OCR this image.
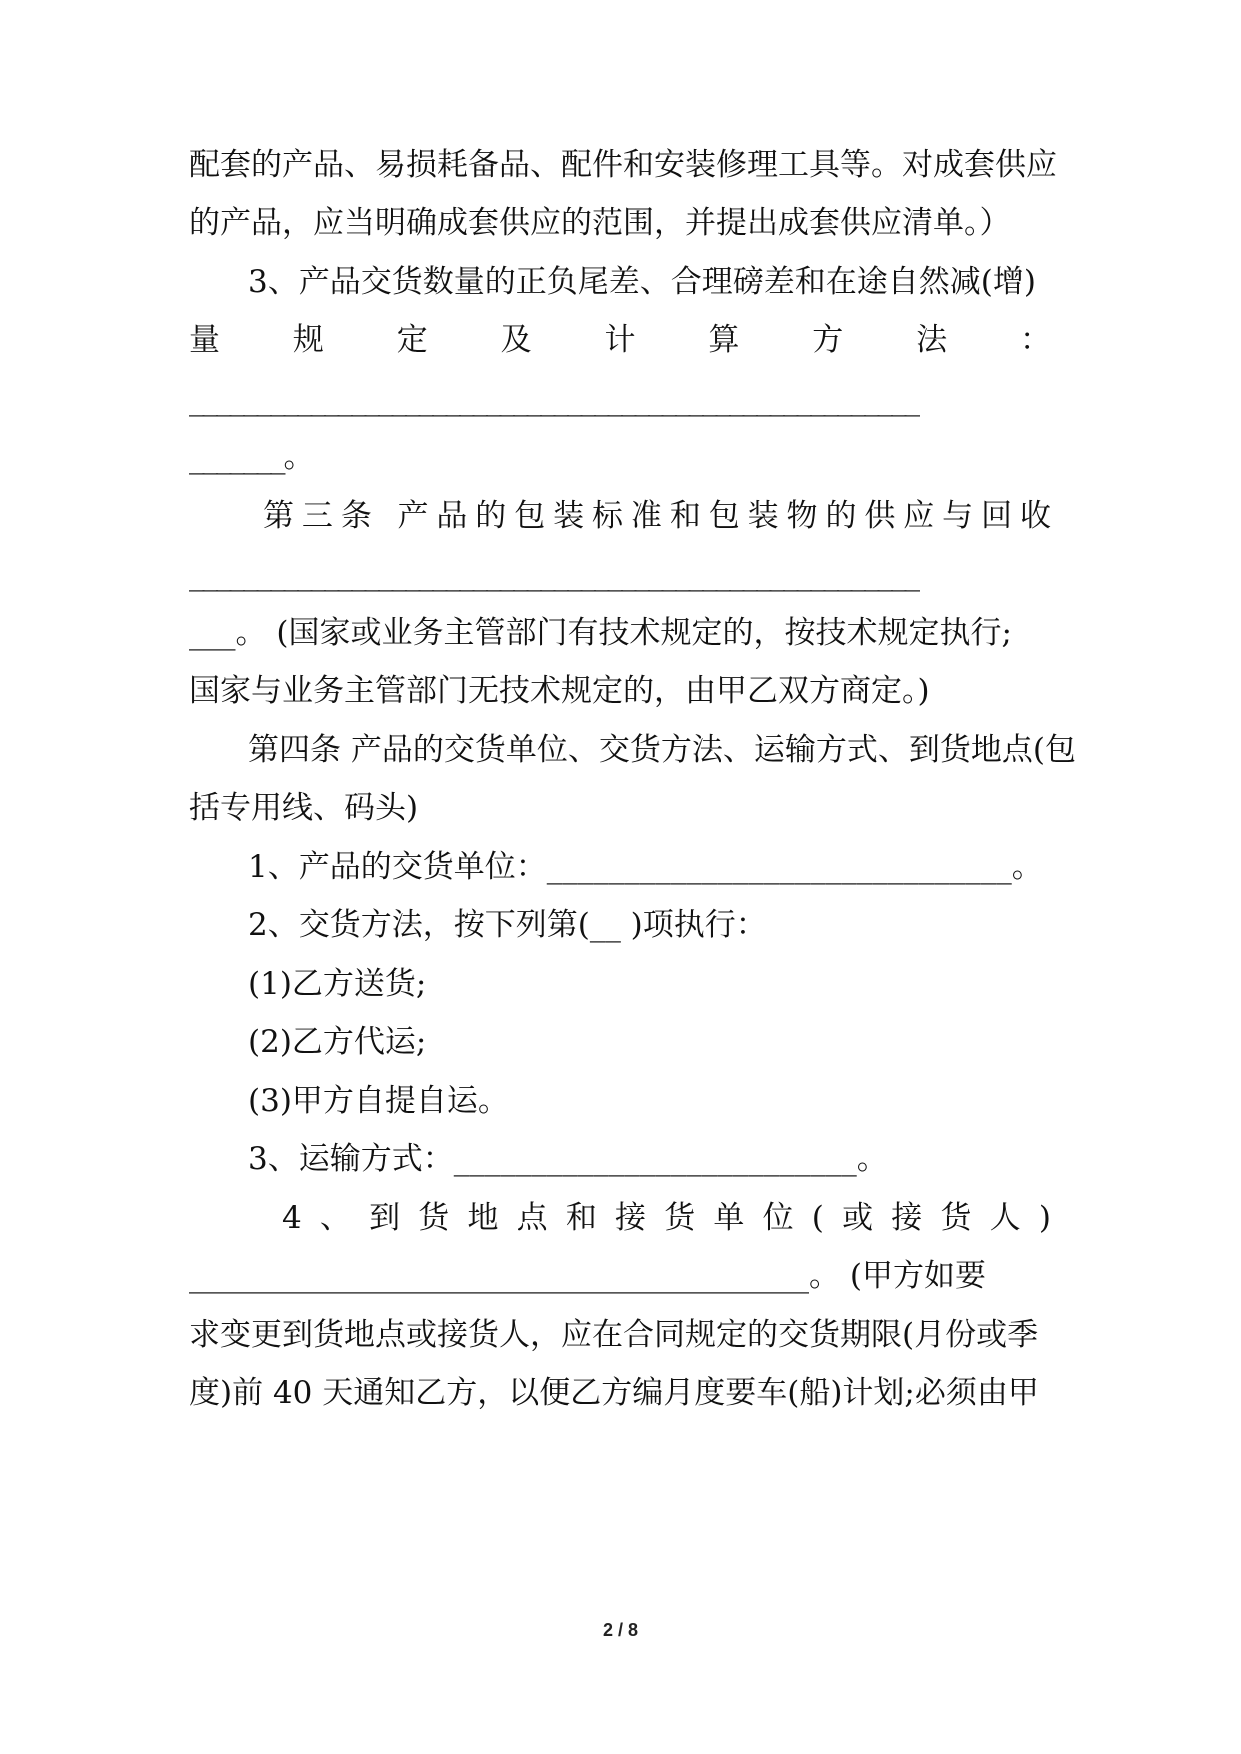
配套的产品、易损耗备品、配件和安装修理工具等。对成套供应
的产品，应当明确成套供应的范围，并提出成套供应清单。）
3、产品交货数量的正负尾差、合理磅差和在途自然减(增)
量 规 定 及 计 算 方 法 ：
______________________________________________________
_______。
第 三 条
产 品 的 包 装 标 准 和 包 装 物 的 供 应 与 回 收
______________________________________________________
___。 (国家或业务主管部门有技术规定的，按技术规定执行;
国家与业务主管部门无技术规定的，由甲乙双方商定。)
第四条 产品的交货单位、交货方法、运输方式、到货地点(包
括专用线、码头)
1、产品的交货单位：______________________________。
2、交货方法，按下列第(__ )项执行：
(1)乙方送货;
(2)乙方代运;
(3)甲方自提自运。
3、运输方式：__________________________。
4 、 到 货 地 点 和 接 货 单 位 ( 或 接 货 人 )
________________________________________。 (甲方如要
求变更到货地点或接货人，应在合同规定的交货期限(月份或季
度)前 40 天通知乙方，以便乙方编月度要车(船)计划;必须由甲
2 / 8
